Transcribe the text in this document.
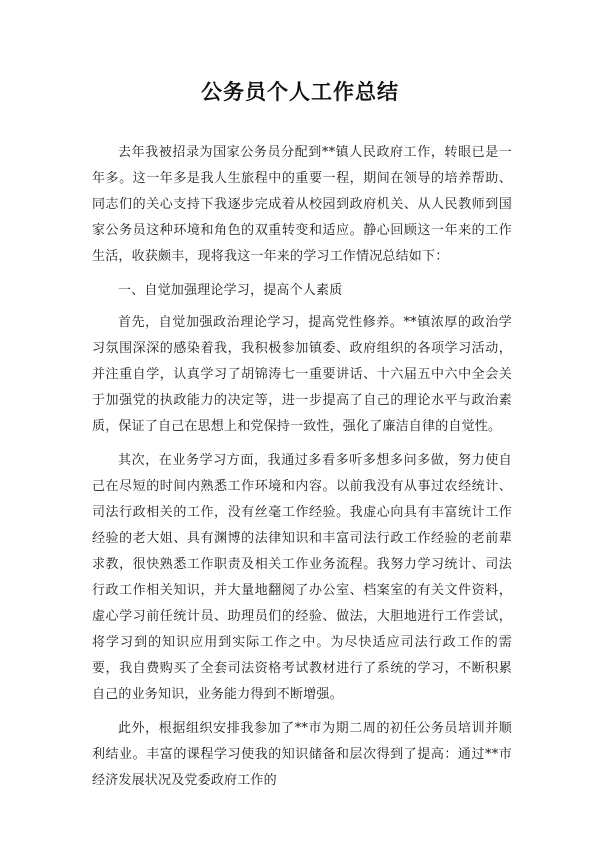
公务员个人工作总结

去年我被招录为国家公务员分配到**镇人民政府工作，转眼已是一年多。这一年多是我人生旅程中的重要一程，期间在领导的培养帮助、同志们的关心支持下我逐步完成着从校园到政府机关、从人民教师到国家公务员这种环境和角色的双重转变和适应。静心回顾这一年来的工作生活，收获颇丰，现将我这一年来的学习工作情况总结如下：

一、自觉加强理论学习，提高个人素质

首先，自觉加强政治理论学习，提高党性修养。**镇浓厚的政治学习氛围深深的感染着我，我积极参加镇委、政府组织的各项学习活动，并注重自学，认真学习了胡锦涛七一重要讲话、十六届五中六中全会关于加强党的执政能力的决定等，进一步提高了自己的理论水平与政治素质，保证了自己在思想上和党保持一致性，强化了廉洁自律的自觉性。

其次，在业务学习方面，我通过多看多听多想多问多做，努力使自己在尽短的时间内熟悉工作环境和内容。以前我没有从事过农经统计、司法行政相关的工作，没有丝毫工作经验。我虚心向具有丰富统计工作经验的老大姐、具有渊博的法律知识和丰富司法行政工作经验的老前辈求教，很快熟悉工作职责及相关工作业务流程。我努力学习统计、司法行政工作相关知识，并大量地翻阅了办公室、档案室的有关文件资料，虚心学习前任统计员、助理员们的经验、做法，大胆地进行工作尝试，将学习到的知识应用到实际工作之中。为尽快适应司法行政工作的需要，我自费购买了全套司法资格考试教材进行了系统的学习，不断积累自己的业务知识，业务能力得到不断增强。

此外，根据组织安排我参加了**市为期二周的初任公务员培训并顺利结业。丰富的课程学习使我的知识储备和层次得到了提高：通过**市经济发展状况及党委政府工作的
